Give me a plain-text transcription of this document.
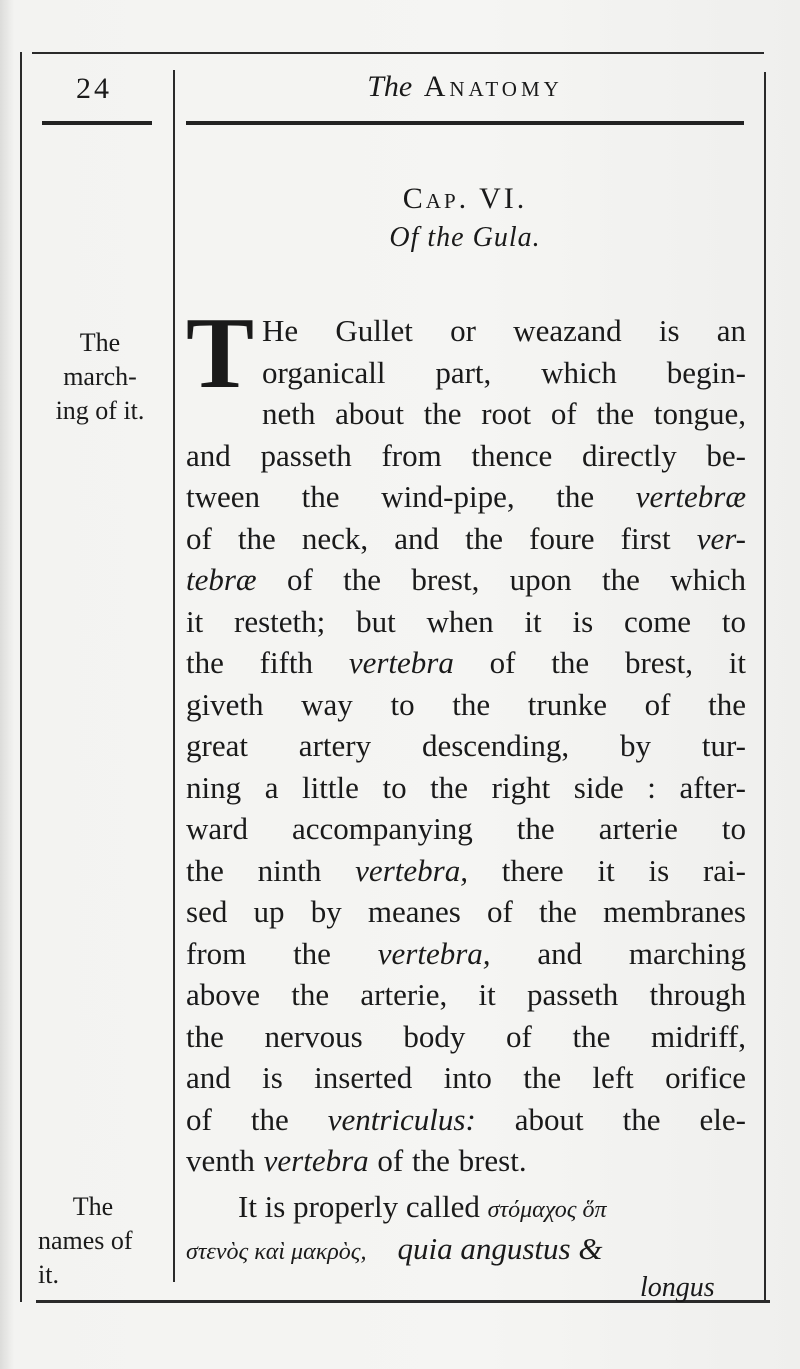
24	The Anatomy
Cap. VI.
Of the Gula.
The
march-
ing of it.
The
names of
it.
T He Gullet or weazand is an
organicall part, which begin-
neth about the root of the tongue,
and passeth from thence directly be-
tween the wind-pipe, the vertebræ
of the neck, and the foure first ver-
tebræ of the brest, upon the which
it resteth; but when it is come to
the fifth vertebra of the brest, it
giveth way to the trunke of the
great artery descending, by tur-
ning a little to the right side : after-
ward accompanying the arterie to
the ninth vertebra, there it is rai-
sed up by meanes of the membranes
from the vertebra, and marching
above the arterie, it passeth through
the nervous body of the midriff,
and is inserted into the left orifice
of the ventriculus: about the ele-
venth vertebra of the brest.
It is properly called στόμαχος ὅπ
στενὸς καὶ μακρὸς, quia angustus &
longus
